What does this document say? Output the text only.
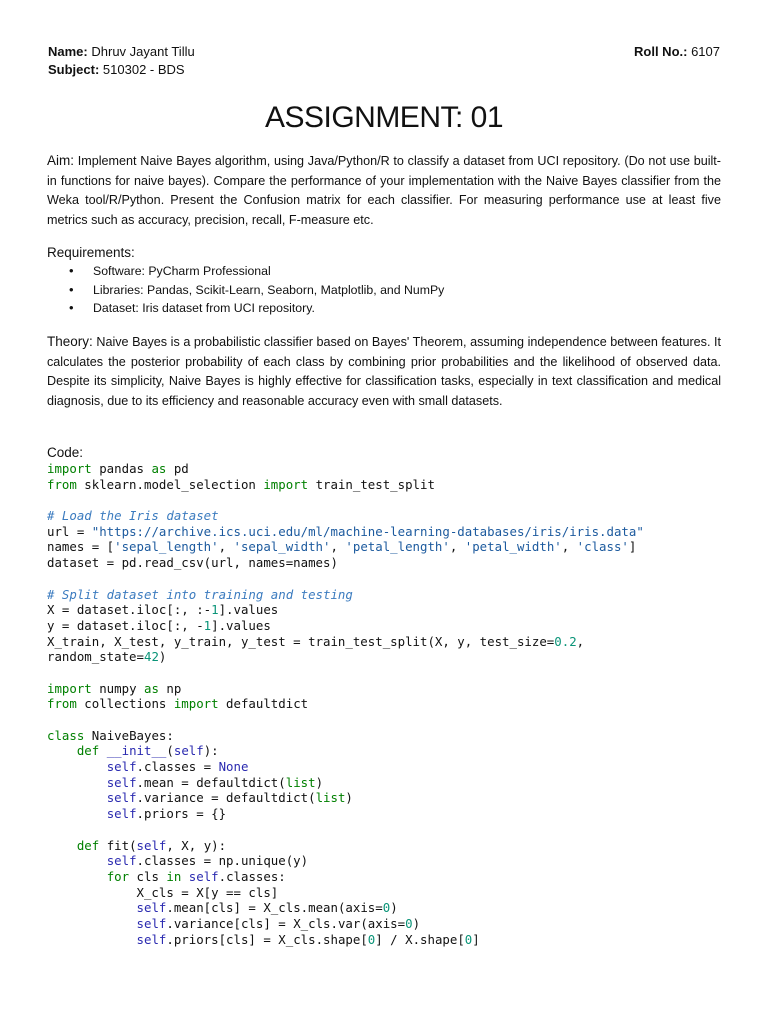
Name: Dhruv Jayant Tillu
Subject: 510302 - BDS
Roll No.: 6107
ASSIGNMENT: 01
Aim: Implement Naive Bayes algorithm, using Java/Python/R to classify a dataset from UCI repository. (Do not use built-in functions for naive bayes). Compare the performance of your implementation with the Naive Bayes classifier from the Weka tool/R/Python. Present the Confusion matrix for each classifier. For measuring performance use at least five metrics such as accuracy, precision, recall, F-measure etc.
Requirements:
• Software: PyCharm Professional
• Libraries: Pandas, Scikit-Learn, Seaborn, Matplotlib, and NumPy
• Dataset: Iris dataset from UCI repository.
Theory: Naive Bayes is a probabilistic classifier based on Bayes' Theorem, assuming independence between features. It calculates the posterior probability of each class by combining prior probabilities and the likelihood of observed data. Despite its simplicity, Naive Bayes is highly effective for classification tasks, especially in text classification and medical diagnosis, due to its efficiency and reasonable accuracy even with small datasets.
Code:
import pandas as pd
from sklearn.model_selection import train_test_split

# Load the Iris dataset
url = "https://archive.ics.uci.edu/ml/machine-learning-databases/iris/iris.data"
names = ['sepal_length', 'sepal_width', 'petal_length', 'petal_width', 'class']
dataset = pd.read_csv(url, names=names)

# Split dataset into training and testing
X = dataset.iloc[:, :-1].values
y = dataset.iloc[:, -1].values
X_train, X_test, y_train, y_test = train_test_split(X, y, test_size=0.2,
random_state=42)

import numpy as np
from collections import defaultdict

class NaiveBayes:
def __init__(self):
self.classes = None
self.mean = defaultdict(list)
self.variance = defaultdict(list)
self.priors = {}

def fit(self, X, y):
self.classes = np.unique(y)
for cls in self.classes:
X_cls = X[y == cls]
self.mean[cls] = X_cls.mean(axis=0)
self.variance[cls] = X_cls.var(axis=0)
self.priors[cls] = X_cls.shape[0] / X.shape[0]
